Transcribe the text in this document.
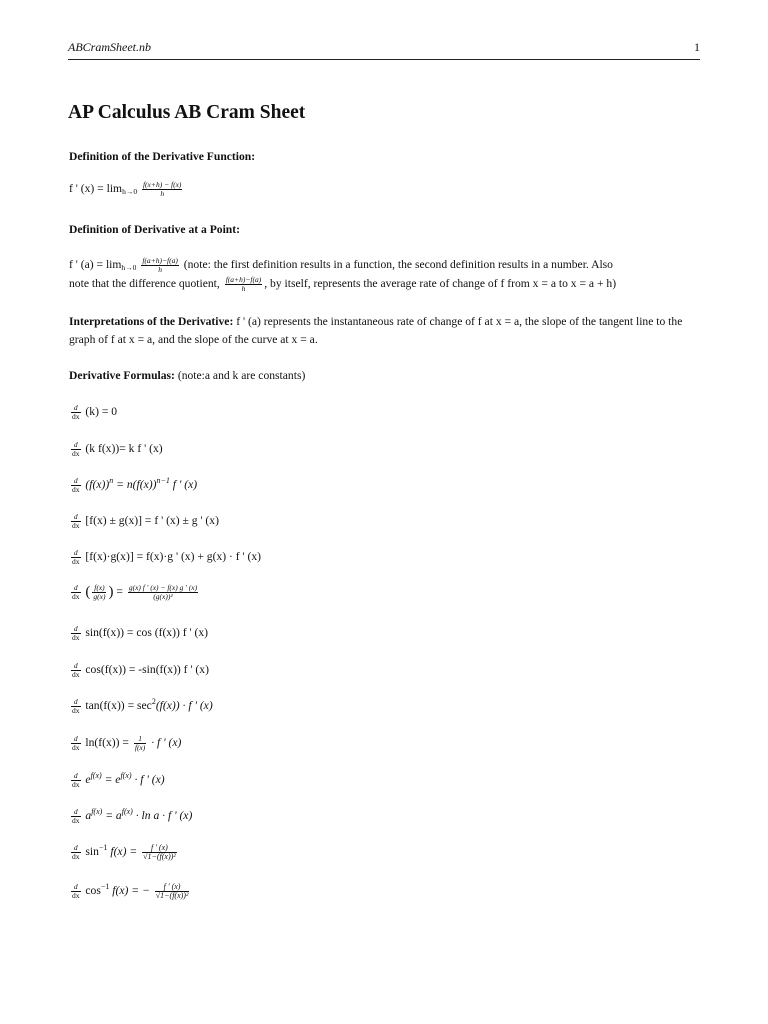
ABCramSheet.nb	1
AP Calculus AB Cram Sheet
Definition of the Derivative Function:
f ' $(x) = \lim_{h\to 0} \frac{f(x+h) - f(x)}{h}$
Definition of Derivative at a Point:
f ' $(a) = \lim_{h\to 0} \frac{f(a+h)-f(a)}{h}$ (note: the first definition results in a function, the second definition results in a number. Also
note that the difference quotient, $\frac{f(a+h)-f(a)}{h}$ , by itself, represents the average rate of change of f from x = a to x = a + h)
Interpretations of the Derivative: f ' (a) represents the instantaneous rate of change of f at x = a, the slope of the tangent line to the graph of f at x = a, and the slope of the curve at x = a.
Derivative Formulas: (note:a and k are constants)
$\frac{d}{dx} (k) = 0$
$\frac{d}{dx} (k$ f(x))= k f ' (x)
$\frac{d}{dx} (f(x))^n = n(f(x))^{n-1}$ f ' (x)
$\frac{d}{dx} [f(x) \pm g(x)] = f$ ' (x) ± g ' (x)
$\frac{d}{dx} [f(x)\cdot g(x)] = f(x)\cdot g$ ' (x) + g(x) · f ' (x)
$\frac{d}{dx}$ ( $\frac{f(x)}{g(x)}$ ) = $\frac{g(x) f ' (x) - f(x) g ' (x)}{\text{(g(x))²}}$
$\frac{d}{dx} \sin(f(x)) = \cos (f(x))$ f ' (x)
$\frac{d}{dx} \cos(f(x)) = -\sin(f(x))$ f ' (x)
$\frac{d}{dx} \tan(f(x)) = \sec^2(f(x)) \cdot f$ ' (x)
$\frac{d}{dx} \ln(f(x)) = \frac{1}{f(x)} \cdot f$ ' (x)
$\frac{d}{dx} e^{f(x)} = e^{f(x)} \cdot f$ ' (x)
$\frac{d}{dx} a^{f(x)} = a^{f(x)} \cdot \ln a \cdot f$ ' (x)
$\frac{d}{dx} \sin^{-1} f(x) = \frac{f ' (x)}{\text{√1−(f(x))²}}$
$\frac{d}{dx} \cos^{-1} f(x)$ = − $\frac{f ' (x)}{\text{√1−(f(x))²}}$
